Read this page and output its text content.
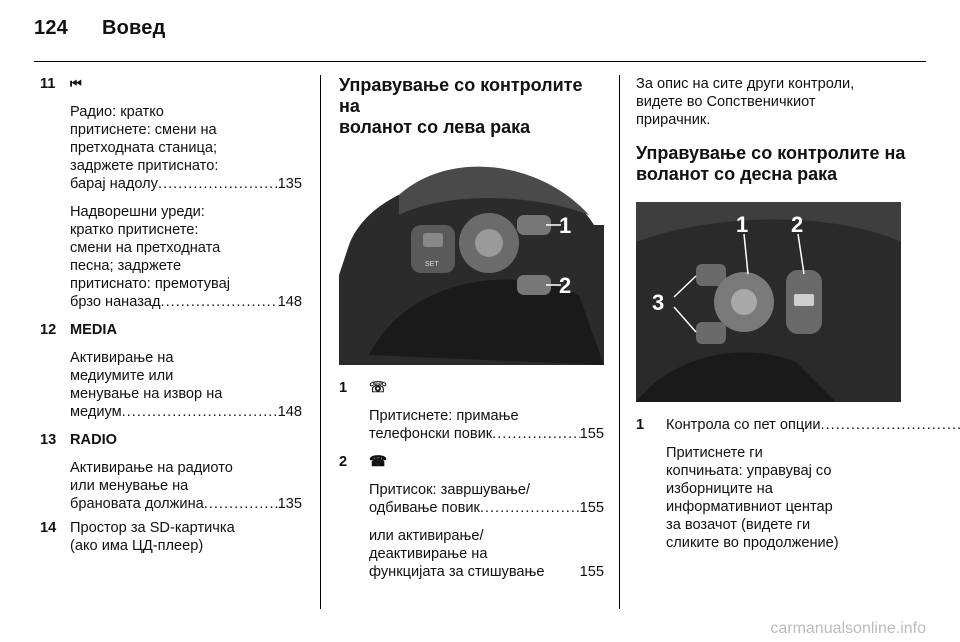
124 Вовед
11	⏮
Радио: кратко
притиснете: смени на
претходната станица;
задржете притиснато:
барај надолу .....	135
Надворешни уреди:
кратко притиснете:
смени на претходната
песна; задржете
притиснато: премотувај
брзо наназад .....	148
12 MEDIA
Активирање на
медиумите или
менување на извор на
медиум .....	148
13 RADIO
Активирање на радиото
или менување на
брановата должина .....	135
14 Простор за SD-картичка
(ако има ЦД-плеер)
Управување со контролите на
воланот со лева рака
SET
1
2
1	☏
Притиснете: примање
телефонски повик .....	155
2	☎
Притисок: завршување/
одбивање повик .....	155
или активирање/
деактивирање на
функцијата за стишување 155
За опис на сите други контроли,
видете во Сопственичкиот
прирачник.
Управување со контролите на
воланот со десна рака
1 2
3
1	Контрола со пет опции
.....
Притиснете ги
копчињата: управувај со
изборниците на
информативниот центар
за возачот (видете ги
сликите во продолжение)
carmanualsonline.info
